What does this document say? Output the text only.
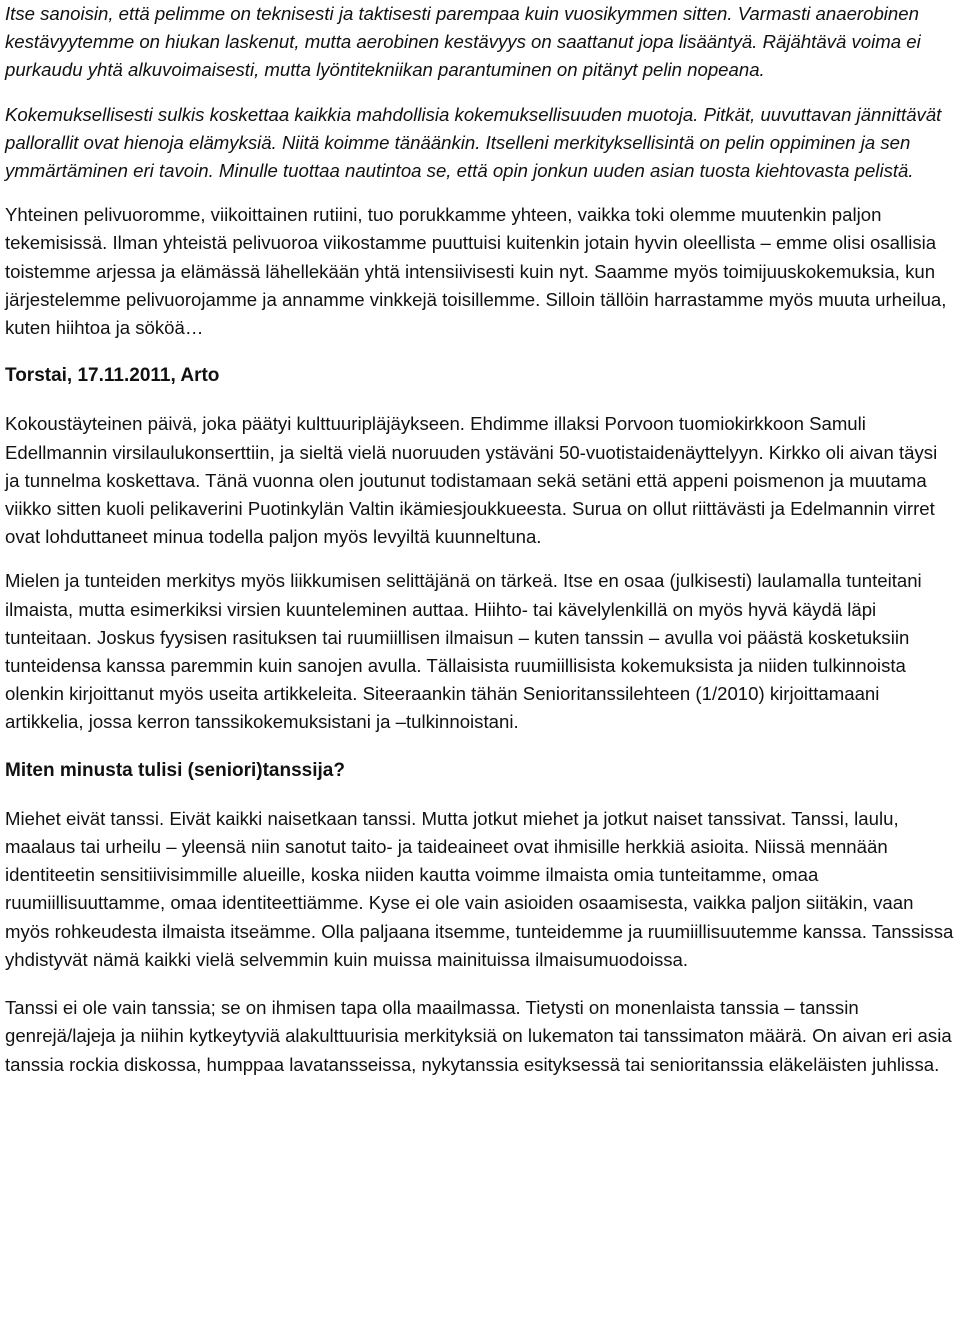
Itse sanoisin, että pelimme on teknisesti ja taktisesti parempaa kuin vuosikymmen sitten. Varmasti anaerobinen kestävyytemme on hiukan laskenut, mutta aerobinen kestävyys on saattanut jopa lisääntyä. Räjähtävä voima ei purkaudu yhtä alkuvoimaisesti, mutta lyöntitekniikan parantuminen on pitänyt pelin nopeana.

Kokemuksellisesti sulkis koskettaa kaikkia mahdollisia kokemuksellisuuden muotoja. Pitkät, uuvuttavan jännittävät pallorallit ovat hienoja elämyksiä. Niitä koimme tänäänkin. Itselleni merkityksellisintä on pelin oppiminen ja sen ymmärtäminen eri tavoin. Minulle tuottaa nautintoa se, että opin jonkun uuden asian tuosta kiehtovasta pelistä.

Yhteinen pelivuoromme, viikoittainen rutiini, tuo porukkamme yhteen, vaikka toki olemme muutenkin paljon tekemisissä. Ilman yhteistä pelivuoroa viikostamme puuttuisi kuitenkin jotain hyvin oleellista – emme olisi osallisia toistemme arjessa ja elämässä lähellekään yhtä intensiivisesti kuin nyt. Saamme myös toimijuuskokemuksia, kun järjestelemme pelivuorojamme ja annamme vinkkejä toisillemme. Silloin tällöin harrastamme myös muuta urheilua, kuten hiihtoa ja sököä…

Torstai, 17.11.2011, Arto

Kokoustäyteinen päivä, joka päätyi kulttuuripläjäykseen. Ehdimme illaksi Porvoon tuomiokirkkoon Samuli Edellmannin virsilaulukonserttiin, ja sieltä vielä nuoruuden ystäväni 50-vuotistaidenäyttelyyn. Kirkko oli aivan täysi ja tunnelma koskettava. Tänä vuonna olen joutunut todistamaan sekä setäni että appeni poismenon ja muutama viikko sitten kuoli pelikaverini Puotinkylän Valtin ikämiesjoukkueesta. Surua on ollut riittävästi ja Edelmannin virret ovat lohduttaneet minua todella paljon myös levyiltä kuunneltuna.

Mielen ja tunteiden merkitys myös liikkumisen selittäjänä on tärkeä. Itse en osaa (julkisesti) laulamalla tunteitani ilmaista, mutta esimerkiksi virsien kuunteleminen auttaa. Hiihto- tai kävelylenkillä on myös hyvä käydä läpi tunteitaan. Joskus fyysisen rasituksen tai ruumiillisen ilmaisun – kuten tanssin – avulla voi päästä kosketuksiin tunteidensa kanssa paremmin kuin sanojen avulla. Tällaisista ruumiillisista kokemuksista ja niiden tulkinnoista olenkin kirjoittanut myös useita artikkeleita. Siteeraankin tähän Senioritanssilehteen (1/2010) kirjoittamaani artikkelia, jossa kerron tanssikokemuksistani ja –tulkinnoistani.

Miten minusta tulisi (seniori)tanssija?

Miehet eivät tanssi. Eivät kaikki naisetkaan tanssi. Mutta jotkut miehet ja jotkut naiset tanssivat. Tanssi, laulu, maalaus tai urheilu – yleensä niin sanotut taito- ja taideaineet ovat ihmisille herkkiä asioita. Niissä mennään identiteetin sensitiivisimmille alueille, koska niiden kautta voimme ilmaista omia tunteitamme, omaa ruumiillisuuttamme, omaa identiteettiämme. Kyse ei ole vain asioiden osaamisesta, vaikka paljon siitäkin, vaan myös rohkeudesta ilmaista itseämme. Olla paljaana itsemme, tunteidemme ja ruumiillisuutemme kanssa. Tanssissa yhdistyvät nämä kaikki vielä selvemmin kuin muissa mainituissa ilmaisumuodoissa.

Tanssi ei ole vain tanssia; se on ihmisen tapa olla maailmassa. Tietysti on monenlaista tanssia – tanssin genrejä/lajeja ja niihin kytkeytyviä alakulttuurisia merkityksiä on lukematon tai tanssimaton määrä. On aivan eri asia tanssia rockia diskossa, humppaa lavatansseissa, nykytanssia esityksessä tai senioritanssia eläkeläisten juhlissa.
